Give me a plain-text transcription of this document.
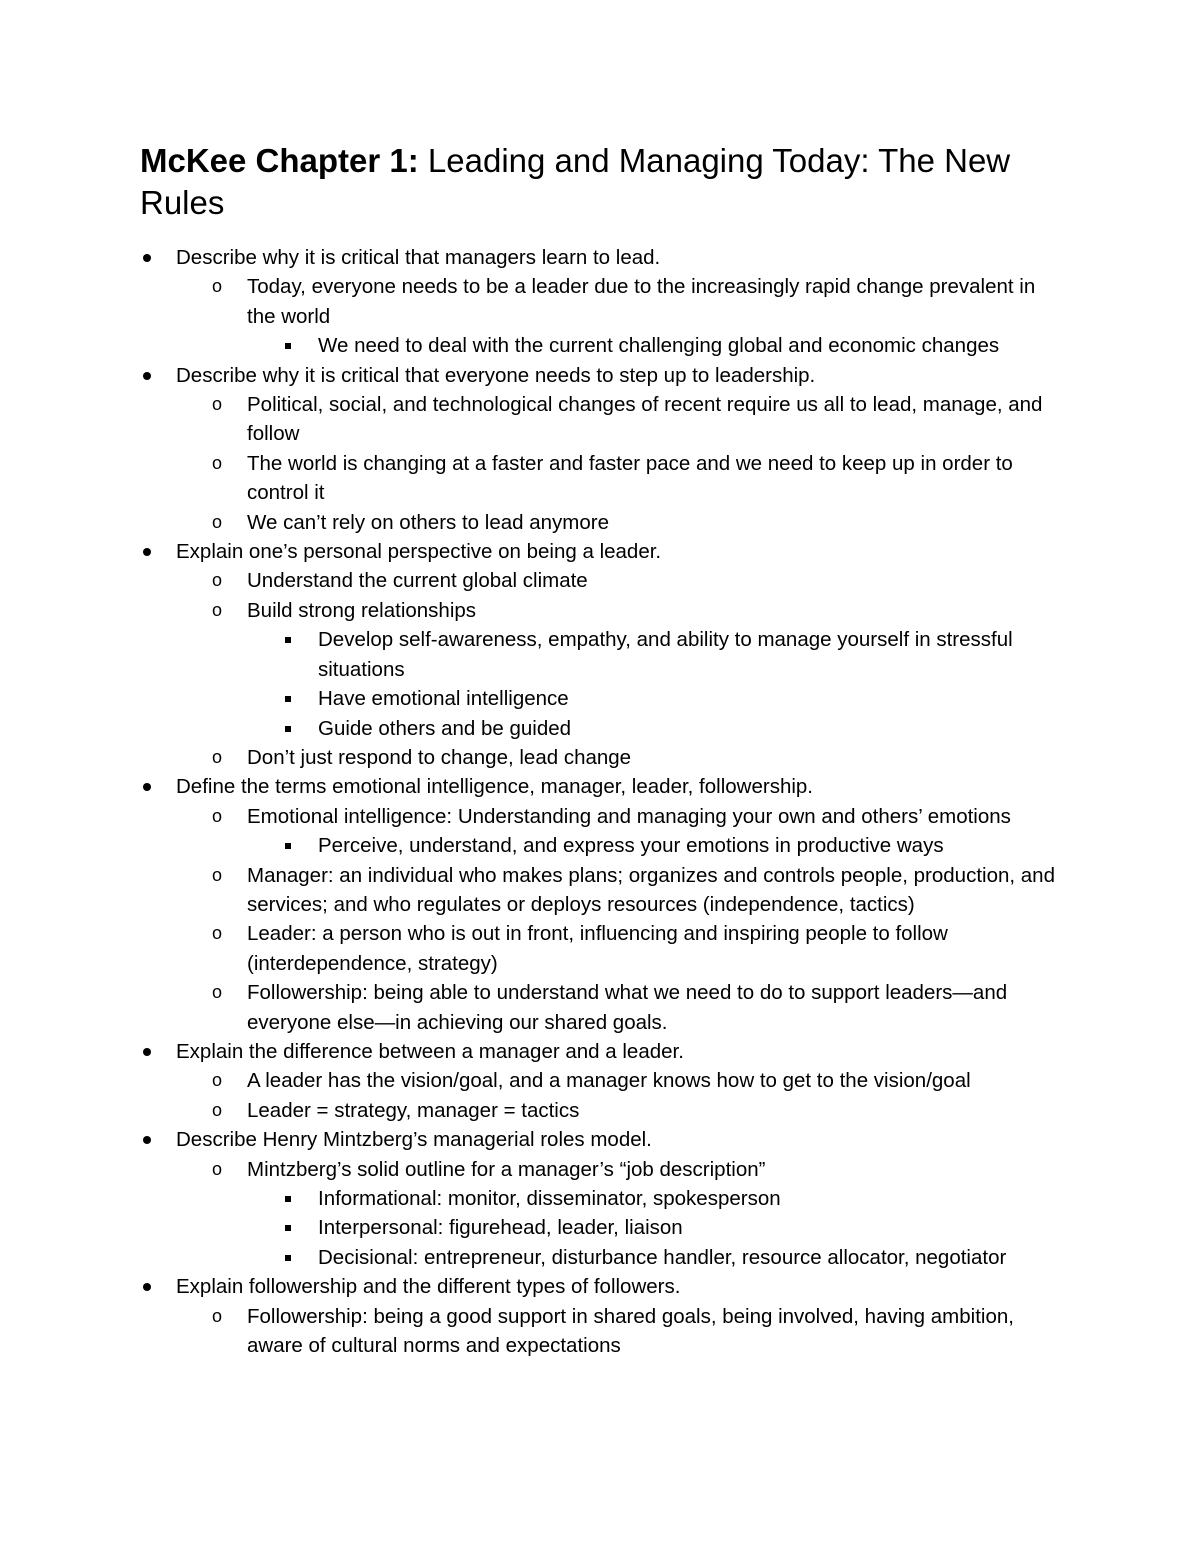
McKee Chapter 1: Leading and Managing Today: The New Rules
Describe why it is critical that managers learn to lead.
o Today, everyone needs to be a leader due to the increasingly rapid change prevalent in the world
We need to deal with the current challenging global and economic changes
Describe why it is critical that everyone needs to step up to leadership.
o Political, social, and technological changes of recent require us all to lead, manage, and follow
o The world is changing at a faster and faster pace and we need to keep up in order to control it
o We can’t rely on others to lead anymore
Explain one’s personal perspective on being a leader.
o Understand the current global climate
o Build strong relationships
Develop self-awareness, empathy, and ability to manage yourself in stressful situations
Have emotional intelligence
Guide others and be guided
o Don’t just respond to change, lead change
Define the terms emotional intelligence, manager, leader, followership.
o Emotional intelligence: Understanding and managing your own and others’ emotions
Perceive, understand, and express your emotions in productive ways
o Manager: an individual who makes plans; organizes and controls people, production, and services; and who regulates or deploys resources (independence, tactics)
o Leader: a person who is out in front, influencing and inspiring people to follow (interdependence, strategy)
o Followership: being able to understand what we need to do to support leaders—and everyone else—in achieving our shared goals.
Explain the difference between a manager and a leader.
o A leader has the vision/goal, and a manager knows how to get to the vision/goal
o Leader = strategy, manager = tactics
Describe Henry Mintzberg’s managerial roles model.
o Mintzberg’s solid outline for a manager’s “job description”
Informational: monitor, disseminator, spokesperson
Interpersonal: figurehead, leader, liaison
Decisional: entrepreneur, disturbance handler, resource allocator, negotiator
Explain followership and the different types of followers.
o Followership: being a good support in shared goals, being involved, having ambition, aware of cultural norms and expectations
